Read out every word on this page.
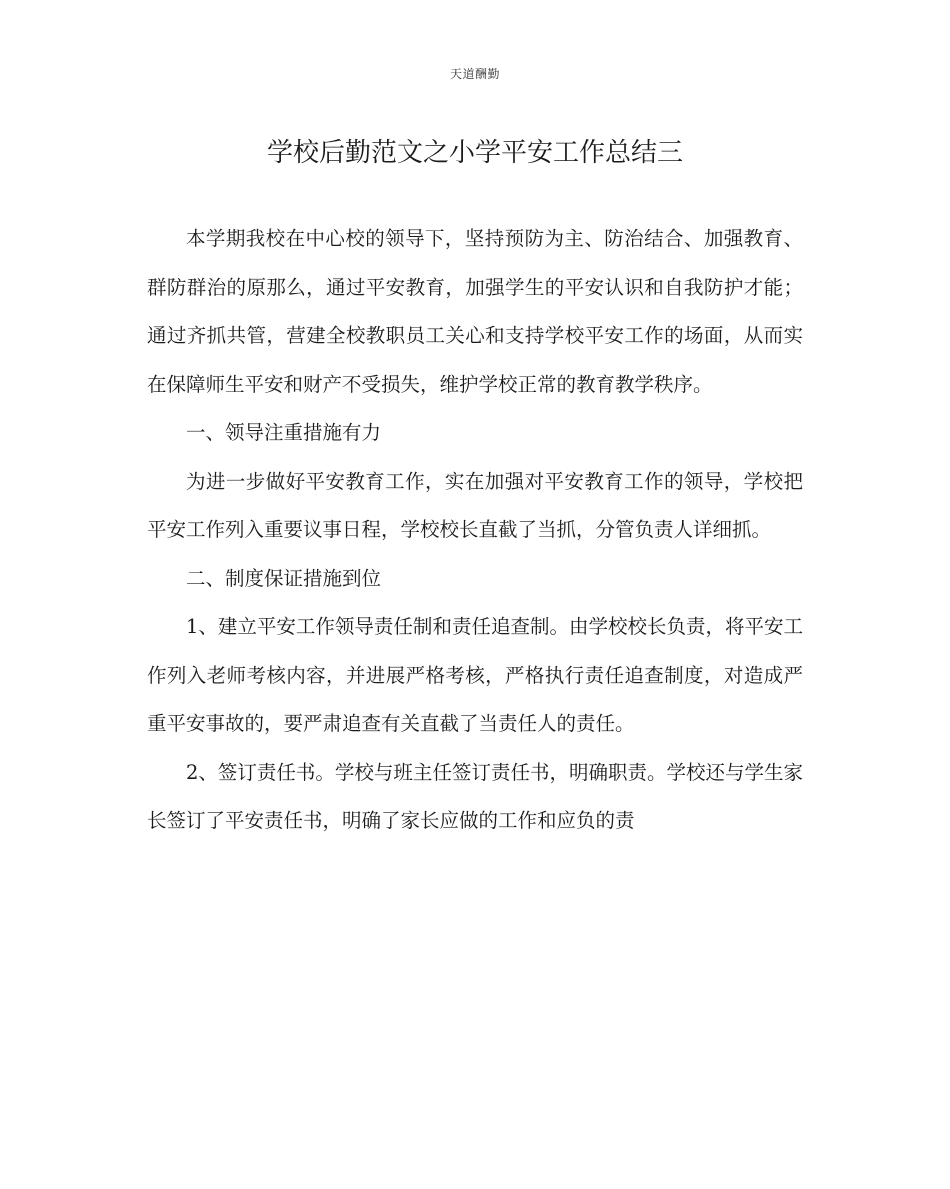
天道酬勤
学校后勤范文之小学平安工作总结三

本学期我校在中心校的领导下，坚持预防为主、防治结合、加强教育、群防群治的原那么，通过平安教育，加强学生的平安认识和自我防护才能；通过齐抓共管，营建全校教职员工关心和支持学校平安工作的场面，从而实在保障师生平安和财产不受损失，维护学校正常的教育教学秩序。

一、领导注重措施有力

为进一步做好平安教育工作，实在加强对平安教育工作的领导，学校把平安工作列入重要议事日程，学校校长直截了当抓，分管负责人详细抓。

二、制度保证措施到位

1、建立平安工作领导责任制和责任追查制。由学校校长负责，将平安工作列入老师考核内容，并进展严格考核，严格执行责任追查制度，对造成严重平安事故的，要严肃追查有关直截了当责任人的责任。

2、签订责任书。学校与班主任签订责任书，明确职责。学校还与学生家长签订了平安责任书，明确了家长应做的工作和应负的责
